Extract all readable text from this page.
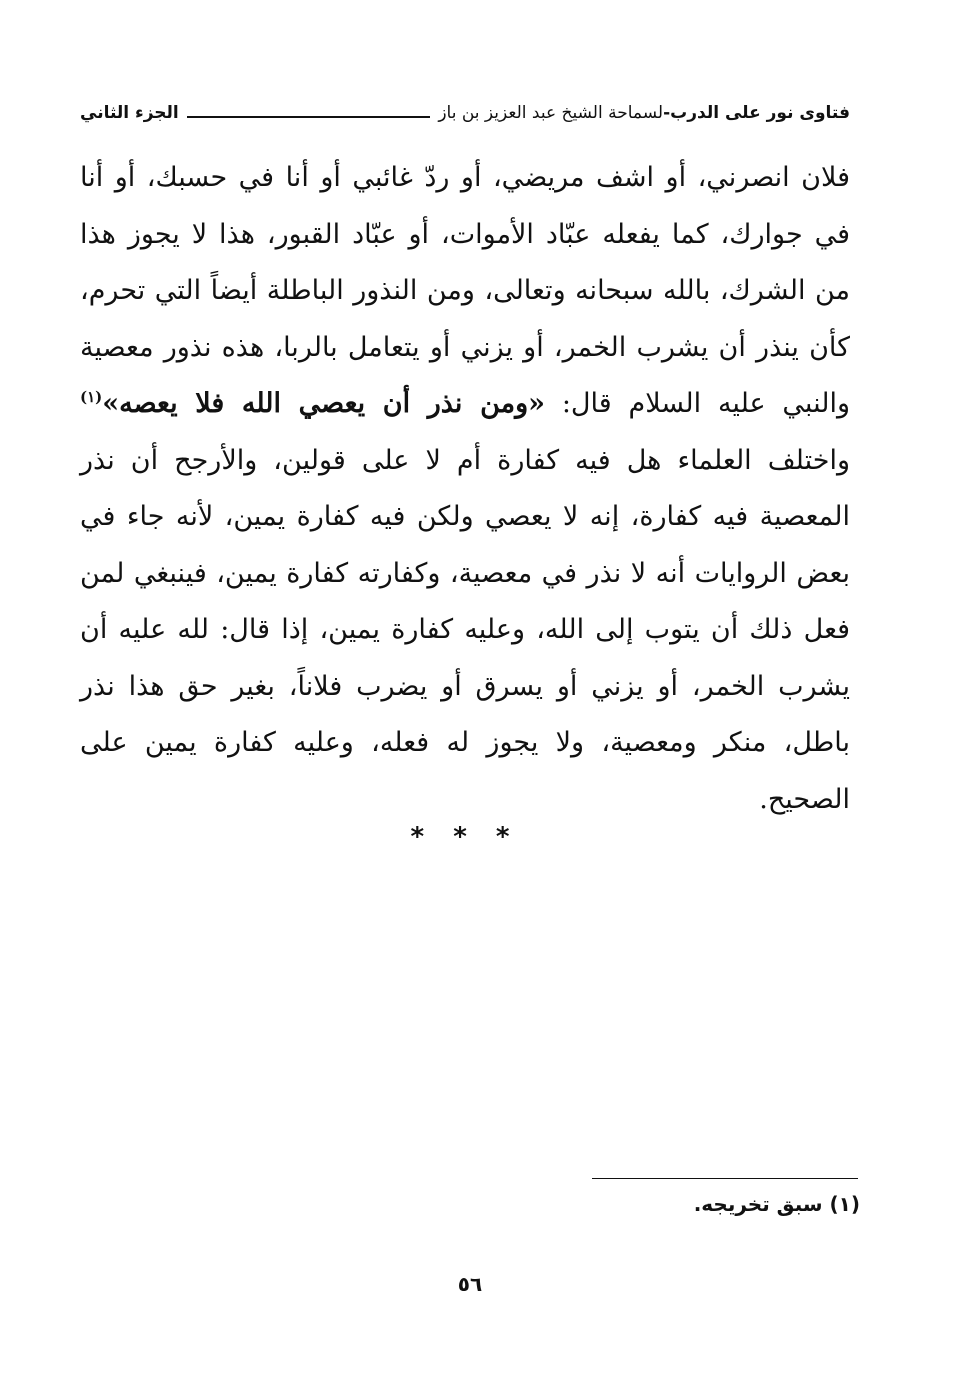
فتاوى نور على الدرب
-
لسماحة الشيخ عبد العزيز بن باز
الجزء الثاني
فلان انصرني، أو اشف مريضي، أو ردّ غائبي أو أنا في حسبك، أو أنا في جوارك، كما يفعله عبّاد الأموات، أو عبّاد القبور، هذا لا يجوز هذا من الشرك، بالله سبحانه وتعالى، ومن النذور الباطلة أيضاً التي تحرم، كأن ينذر أن يشرب الخمر، أو يزني أو يتعامل بالربا، هذه نذور معصية والنبي عليه السلام قال: «ومن نذر أن يعصي الله فلا يعصه»$^{(١)}$ واختلف العلماء هل فيه كفارة أم لا على قولين، والأرجح أن نذر المعصية فيه كفارة، إنه لا يعصي ولكن فيه كفارة يمين، لأنه جاء في بعض الروايات أنه لا نذر في معصية، وكفارته كفارة يمين، فينبغي لمن فعل ذلك أن يتوب إلى الله، وعليه كفارة يمين، إذا قال: لله عليه أن يشرب الخمر، أو يزني أو يسرق أو يضرب فلاناً، بغير حق هذا نذر باطل، منكر ومعصية، ولا يجوز له فعله، وعليه كفارة يمين على الصحيح.
* * *
(١) سبق تخريجه.
٥٦
